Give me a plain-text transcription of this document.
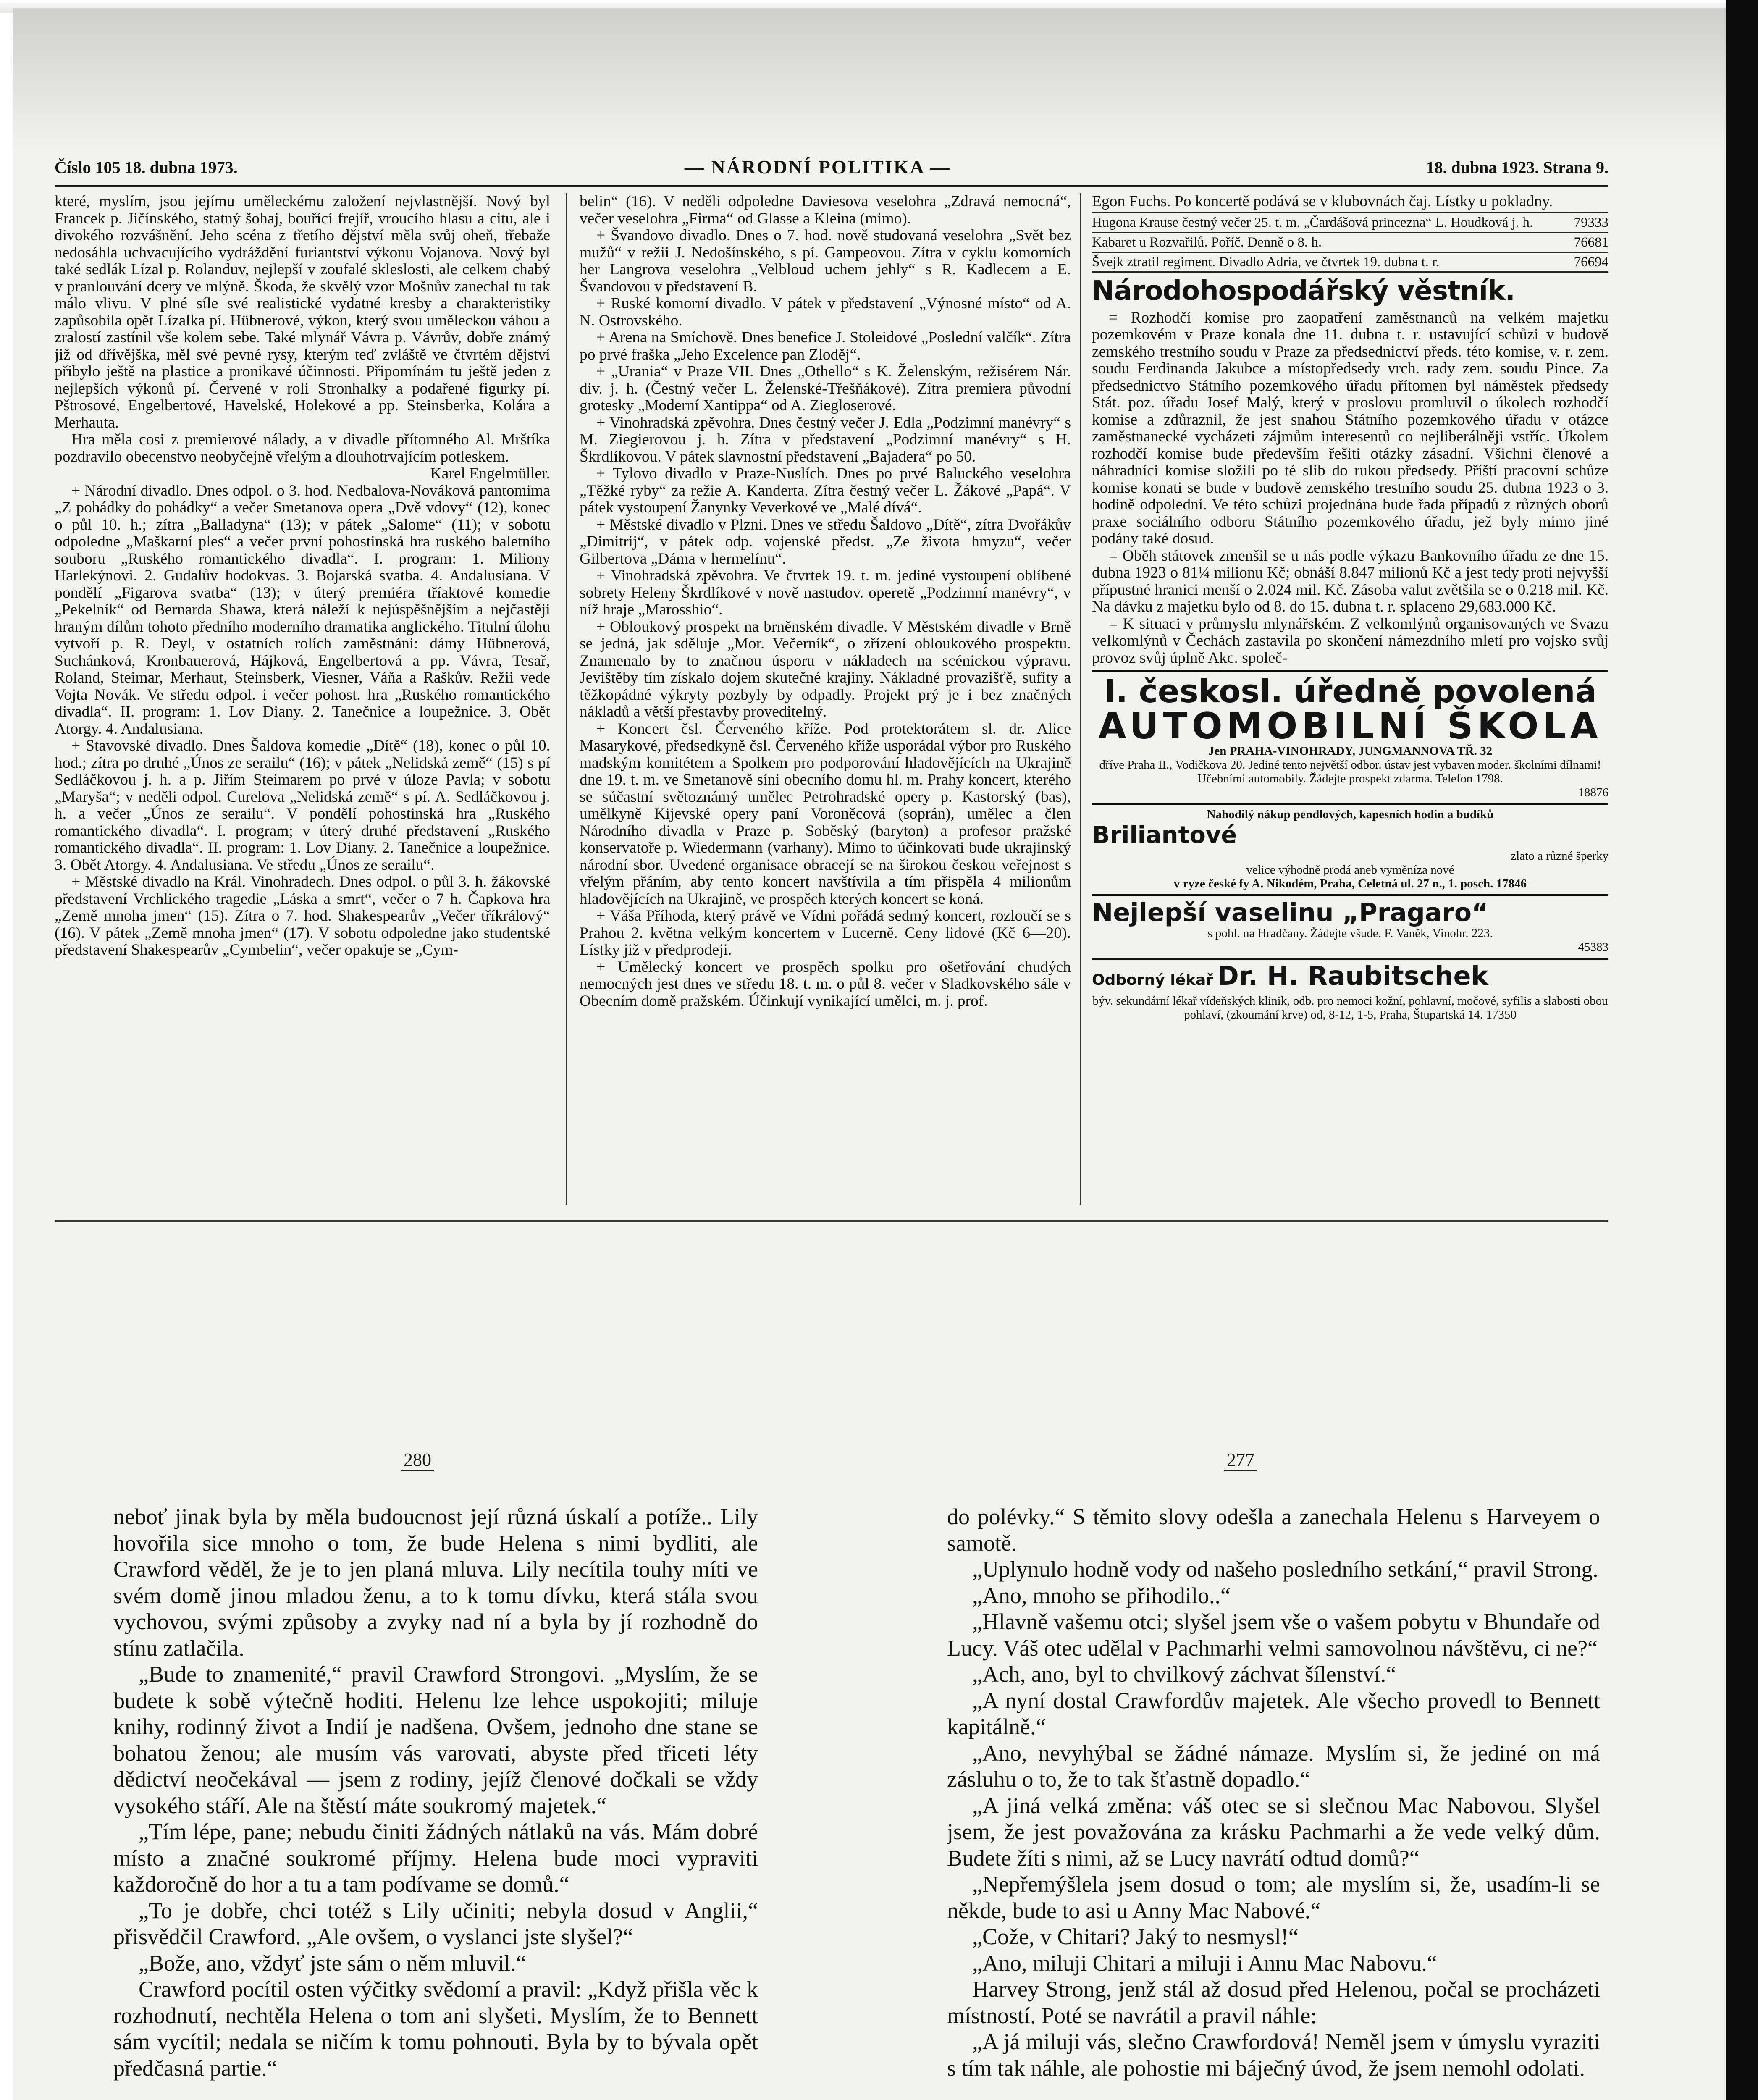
Číslo 105 18. dubna 1973.	— NÁRODNÍ POLITIKA —	18. dubna 1923. Strana 9.

které, myslím, jsou jejímu uměleckému založení nejvlastnější. Nový byl Francek p. Jičínského, statný šohaj, bouřící frejíř, vroucího hlasu a citu, ale i divokého rozvášnění. Jeho scéna z třetího dějství měla svůj oheň, třebaže nedosáhla uchvacujícího vydráždění furiantství výkonu Vojanova. Nový byl také sedlák Lízal p. Rolanduv, nejlepší v zoufalé skleslosti, ale celkem chabý v pranlouvání dcery ve mlýně. Škoda, že skvělý vzor Mošnův zanechal tu tak málo vlivu. V plné síle své realistické vydatné kresby a charakteristiky zapůsobila opět Lízalka pí. Hübnerové, výkon, který svou uměleckou váhou a zralostí zastínil vše kolem sebe. Také mlynář Vávra p. Vávrův, dobře známý již od dřívějška, měl své pevné rysy, kterým teď zvláště ve čtvrtém dějství přibylo ještě na plastice a pronikavé účinnosti. Připomínám tu ještě jeden z nejlepších výkonů pí. Červené v roli Stronhalky a podařené figurky pí. Pštrosové, Engelbertové, Havelské, Holekové a pp. Steinsberka, Kolára a Merhauta.

Hra měla cosi z premierové nálady, a v divadle přítomného Al. Mrštíka pozdravilo obecenstvo neobyčejně vřelým a dlouhotrvajícím potleskem.

Karel Engelmüller.

+ Národní divadlo. Dnes odpol. o 3. hod. Nedbalova-Nováková pantomima „Z pohádky do pohádky“ a večer Smetanova opera „Dvě vdovy“ (12), konec o půl 10. h.; zítra „Balladyna“ (13); v pátek „Salome“ (11); v sobotu odpoledne „Maškarní ples“ a večer první pohostinská hra ruského baletního souboru „Ruského romantického divadla“. I. program: 1. Miliony Harlekýnovi. 2. Gudalův hodokvas. 3. Bojarská svatba. 4. Andalusiana. V pondělí „Figarova svatba“ (13); v úterý premiéra tříaktové komedie „Pekelník“ od Bernarda Shawa, která náleží k nejúspěšnějším a nejčastěji hraným dílům tohoto předního moderního dramatika anglického. Titulní úlohu vytvoří p. R. Deyl, v ostatních rolích zaměstnáni: dámy Hübnerová, Suchánková, Kronbauerová, Hájková, Engelbertová a pp. Vávra, Tesař, Roland, Steimar, Merhaut, Steinsberk, Viesner, Váňa a Raškův. Režii vede Vojta Novák. Ve středu odpol. i večer pohost. hra „Ruského romantického divadla“. II. program: 1. Lov Diany. 2. Tanečnice a loupežnice. 3. Obět Atorgy. 4. Andalusiana.

+ Stavovské divadlo. Dnes Šaldova komedie „Dítě“ (18), konec o půl 10. hod.; zítra po druhé „Únos ze serailu“ (16); v pátek „Nelidská země“ (15) s pí Sedláčkovou j. h. a p. Jiřím Steimarem po prvé v úloze Pavla; v sobotu „Maryša“; v neděli odpol. Curelova „Nelidská země“ s pí. A. Sedláčkovou j. h. a večer „Únos ze serailu“. V pondělí pohostinská hra „Ruského romantického divadla“. I. program; v úterý druhé představení „Ruského romantického divadla“. II. program: 1. Lov Diany. 2. Tanečnice a loupežnice. 3. Obět Atorgy. 4. Andalusiana. Ve středu „Únos ze serailu“.

+ Městské divadlo na Král. Vinohradech. Dnes odpol. o půl 3. h. žákovské představení Vrchlického tragedie „Láska a smrt“, večer o 7 h. Čapkova hra „Země mnoha jmen“ (15). Zítra o 7. hod. Shakespearův „Večer tříkrálový“ (16). V pátek „Země mnoha jmen“ (17). V sobotu odpoledne jako studentské představení Shakespearův „Cymbelin“, večer opakuje se „Cym-

belin“ (16). V neděli odpoledne Daviesova veselohra „Zdravá nemocná“, večer veselohra „Firma“ od Glasse a Kleina (mimo).

+ Švandovo divadlo. Dnes o 7. hod. nově studovaná veselohra „Svět bez mužů“ v režii J. Nedošínského, s pí. Gampeovou. Zítra v cyklu komorních her Langrova veselohra „Velbloud uchem jehly“ s R. Kadlecem a E. Švandovou v představení B.

+ Ruské komorní divadlo. V pátek v představení „Výnosné místo“ od A. N. Ostrovského.

+ Arena na Smíchově. Dnes benefice J. Stoleidové „Poslední valčík“. Zítra po prvé fraška „Jeho Excelence pan Zloděj“.

+ „Urania“ v Praze VII. Dnes „Othello“ s K. Želenským, režisérem Nár. div. j. h. (Čestný večer L. Želenské-Třešňákové). Zítra premiera původní grotesky „Moderní Xantippa“ od A. Ziegloserové.

+ Vinohradská zpěvohra. Dnes čestný večer J. Edla „Podzimní manévry“ s M. Ziegierovou j. h. Zítra v představení „Podzimní manévry“ s H. Škrdlíkovou. V pátek slavnostní představení „Bajadera“ po 50.

+ Tylovo divadlo v Praze-Nuslích. Dnes po prvé Baluckého veselohra „Těžké ryby“ za režie A. Kanderta. Zítra čestný večer L. Žákové „Papá“. V pátek vystoupení Žanynky Veverkové ve „Malé dívá“.

+ Městské divadlo v Plzni. Dnes ve středu Šaldovo „Dítě“, zítra Dvořákův „Dimitrij“, v pátek odp. vojenské předst. „Ze života hmyzu“, večer Gilbertova „Dáma v hermelínu“.

+ Vinohradská zpěvohra. Ve čtvrtek 19. t. m. jediné vystoupení oblíbené sobrety Heleny Škrdlíkové v nově nastudov. operetě „Podzimní manévry“, v níž hraje „Marosshio“.

+ Obloukový prospekt na brněnském divadle. V Městském divadle v Brně se jedná, jak sděluje „Mor. Večerník“, o zřízení obloukového prospektu. Znamenalo by to značnou úsporu v nákladech na scénickou výpravu. Jevištěby tím získalo dojem skutečné krajiny. Nákladné provazišťě, sufity a těžkopádné výkryty pozbyly by odpadly. Projekt prý je i bez značných nákladů a větší přestavby proveditelný.

+ Koncert čsl. Červeného kříže. Pod protektorátem sl. dr. Alice Masarykové, předsedkyně čsl. Červeného kříže usporádal výbor pro Ruského madským komitétem a Spolkem pro podporování hladovějících na Ukrajině dne 19. t. m. ve Smetanově síni obecního domu hl. m. Prahy koncert, kterého se súčastní světoznámý umělec Petrohradské opery p. Kastorský (bas), umělkyně Kijevské opery paní Voroněcová (soprán), umělec a člen Národního divadla v Praze p. Soběský (baryton) a profesor pražské konservatoře p. Wiedermann (varhany). Mimo to účinkovati bude ukrajinský národní sbor. Uvedené organisace obracejí se na širokou českou veřejnost s vřelým přáním, aby tento koncert navštívila a tím přispěla 4 milionům hladovějících na Ukrajině, ve prospěch kterých koncert se koná.

+ Váša Příhoda, který právě ve Vídni pořádá sedmý koncert, rozloučí se s Prahou 2. května velkým koncertem v Lucerně. Ceny lidové (Kč 6—20). Lístky již v předprodeji.

+ Umělecký koncert ve prospěch spolku pro ošetřování chudých nemocných jest dnes ve středu 18. t. m. o půl 8. večer v Sladkovského sále v Obecním domě pražském. Účinkují vynikající umělci, m. j. prof.

Egon Fuchs. Po koncertě podává se v klubovnách čaj. Lístky u pokladny.

Hugona Krause čestný večer 25. t. m. „Čardášová princezna“ L. Houdková j. h.	79333
Kabaret u Rozvařilů. Poříč. Denně o 8. h.	76681
Švejk ztratil regiment. Divadlo Adria, ve čtvrtek 19. dubna t. r.	76694
Národohospodářský věstník.

= Rozhodčí komise pro zaopatření zaměstnanců na velkém majetku pozemkovém v Praze konala dne 11. dubna t. r. ustavující schůzi v budově zemského trestního soudu v Praze za předsednictví předs. této komise, v. r. zem. soudu Ferdinanda Jakubce a místopředsedy vrch. rady zem. soudu Pince. Za předsednictvo Státního pozemkového úřadu přítomen byl náměstek předsedy Stát. poz. úřadu Josef Malý, který v proslovu promluvil o úkolech rozhodčí komise a zdůraznil, že jest snahou Státního pozemkového úřadu v otázce zaměstnanecké vycházeti zájmům interesentů co nejliberálněji vstříc. Úkolem rozhodčí komise bude především řešiti otázky zásadní. Všichni členové a náhradníci komise složili po té slib do rukou předsedy. Příští pracovní schůze komise konati se bude v budově zemského trestního soudu 25. dubna 1923 o 3. hodině odpolední. Ve této schůzi projednána bude řada případů z různých oborů praxe sociálního odboru Státního pozemkového úřadu, jež byly mimo jiné podány také dosud.

= Oběh státovek zmenšil se u nás podle výkazu Bankovního úřadu ze dne 15. dubna 1923 o 81¼ milionu Kč; obnáší 8.847 milionů Kč a jest tedy proti nejvyšší přípustné hranici menší o 2.024 mil. Kč. Zásoba valut zvětšila se o 0.218 mil. Kč. Na dávku z majetku bylo od 8. do 15. dubna t. r. splaceno 29,683.000 Kč.

= K situaci v průmyslu mlynářském. Z velkomlýnů organisovaných ve Svazu velkomlýnů v Čechách zastavila po skončení námezdního mletí pro vojsko svůj provoz svůj úplně Akc. společ-

I. českosl. úředně povolená
AUTOMOBILNÍ ŠKOLA

Jen PRAHA-VINOHRADY, JUNGMANNOVA TŘ. 32

dříve Praha II., Vodičkova 20. Jediné tento největší odbor. ústav jest vybaven moder. školními dílnami! Učebními automobily. Žádejte prospekt zdarma. Telefon 1798.

18876

Nahodilý nákup pendlových, kapesních hodin a budíků

Briliantové

zlato a různé šperky

velice výhodně prodá aneb vyměníza nové

v ryze české fy A. Nikodém, Praha, Celetná ul. 27 n., 1. posch. 17846

Nejlepší vaselinu „Pragaro“

s pohl. na Hradčany. Žádejte všude. F. Vaněk, Vinohr. 223.

45383

Odborný lékař Dr. H. Raubitschek

býv. sekundární lékař vídeňských klinik, odb. pro nemoci kožní, pohlavní, močové, syfilis a slabosti obou pohlaví, (zkoumání krve) od, 8-12, 1-5, Praha, Štupartská 14. 17350

280	277

neboť jinak byla by měla budoucnost její různá úskalí a potíže.. Lily hovořila sice mnoho o tom, že bude Helena s nimi bydliti, ale Crawford věděl, že je to jen planá mluva. Lily necítila touhy míti ve svém domě jinou mladou ženu, a to k tomu dívku, která stála svou vychovou, svými způsoby a zvyky nad ní a byla by jí rozhodně do stínu zatlačila.

„Bude to znamenité,“ pravil Crawford Strongovi. „Myslím, že se budete k sobě výtečně hoditi. Helenu lze lehce uspokojiti; miluje knihy, rodinný život a Indií je nadšena. Ovšem, jednoho dne stane se bohatou ženou; ale musím vás varovati, abyste před třiceti léty dědictví neočekával — jsem z rodiny, jejíž členové dočkali se vždy vysokého stáří. Ale na štěstí máte soukromý majetek.“

„Tím lépe, pane; nebudu činiti žádných nátlaků na vás. Mám dobré místo a značné soukromé příjmy. Helena bude moci vypraviti každoročně do hor a tu a tam podívame se domů.“

„To je dobře, chci totéž s Lily učiniti; nebyla dosud v Anglii,“ přisvědčil Crawford. „Ale ovšem, o vyslanci jste slyšel?“

„Bože, ano, vždyť jste sám o něm mluvil.“

Crawford pocítil osten výčitky svědomí a pravil: „Když přišla věc k rozhodnutí, nechtěla Helena o tom ani slyšeti. Myslím, že to Bennett sám vycítil; nedala se ničím k tomu pohnouti. Byla by to bývala opět předčasná partie.“

do polévky.“ S těmito slovy odešla a zanechala Helenu s Harveyem o samotě.

„Uplynulo hodně vody od našeho posledního setkání,“ pravil Strong.

„Ano, mnoho se přihodilo..“

„Hlavně vašemu otci; slyšel jsem vše o vašem pobytu v Bhundaře od Lucy. Váš otec udělal v Pachmarhi velmi samovolnou návštěvu, ci ne?“

„Ach, ano, byl to chvilkový záchvat šílenství.“

„A nyní dostal Crawfordův majetek. Ale všecho provedl to Bennett kapitálně.“

„Ano, nevyhýbal se žádné námaze. Myslím si, že jediné on má zásluhu o to, že to tak šťastně dopadlo.“

„A jiná velká změna: váš otec se si slečnou Mac Nabovou. Slyšel jsem, že jest považována za krásku Pachmarhi a že vede velký dům. Budete žíti s nimi, až se Lucy navrátí odtud domů?“

„Nepřemýšlela jsem dosud o tom; ale myslím si, že, usadím-li se někde, bude to asi u Anny Mac Nabové.“

„Cože, v Chitari? Jaký to nesmysl!“

„Ano, miluji Chitari a miluji i Annu Mac Nabovu.“

Harvey Strong, jenž stál až dosud před Helenou, počal se procházeti místností. Poté se navrátil a pravil náhle:

„A já miluji vás, slečno Crawfordová! Neměl jsem v úmyslu vyraziti s tím tak náhle, ale pohostie mi báječný úvod, že jsem nemohl odolati.
